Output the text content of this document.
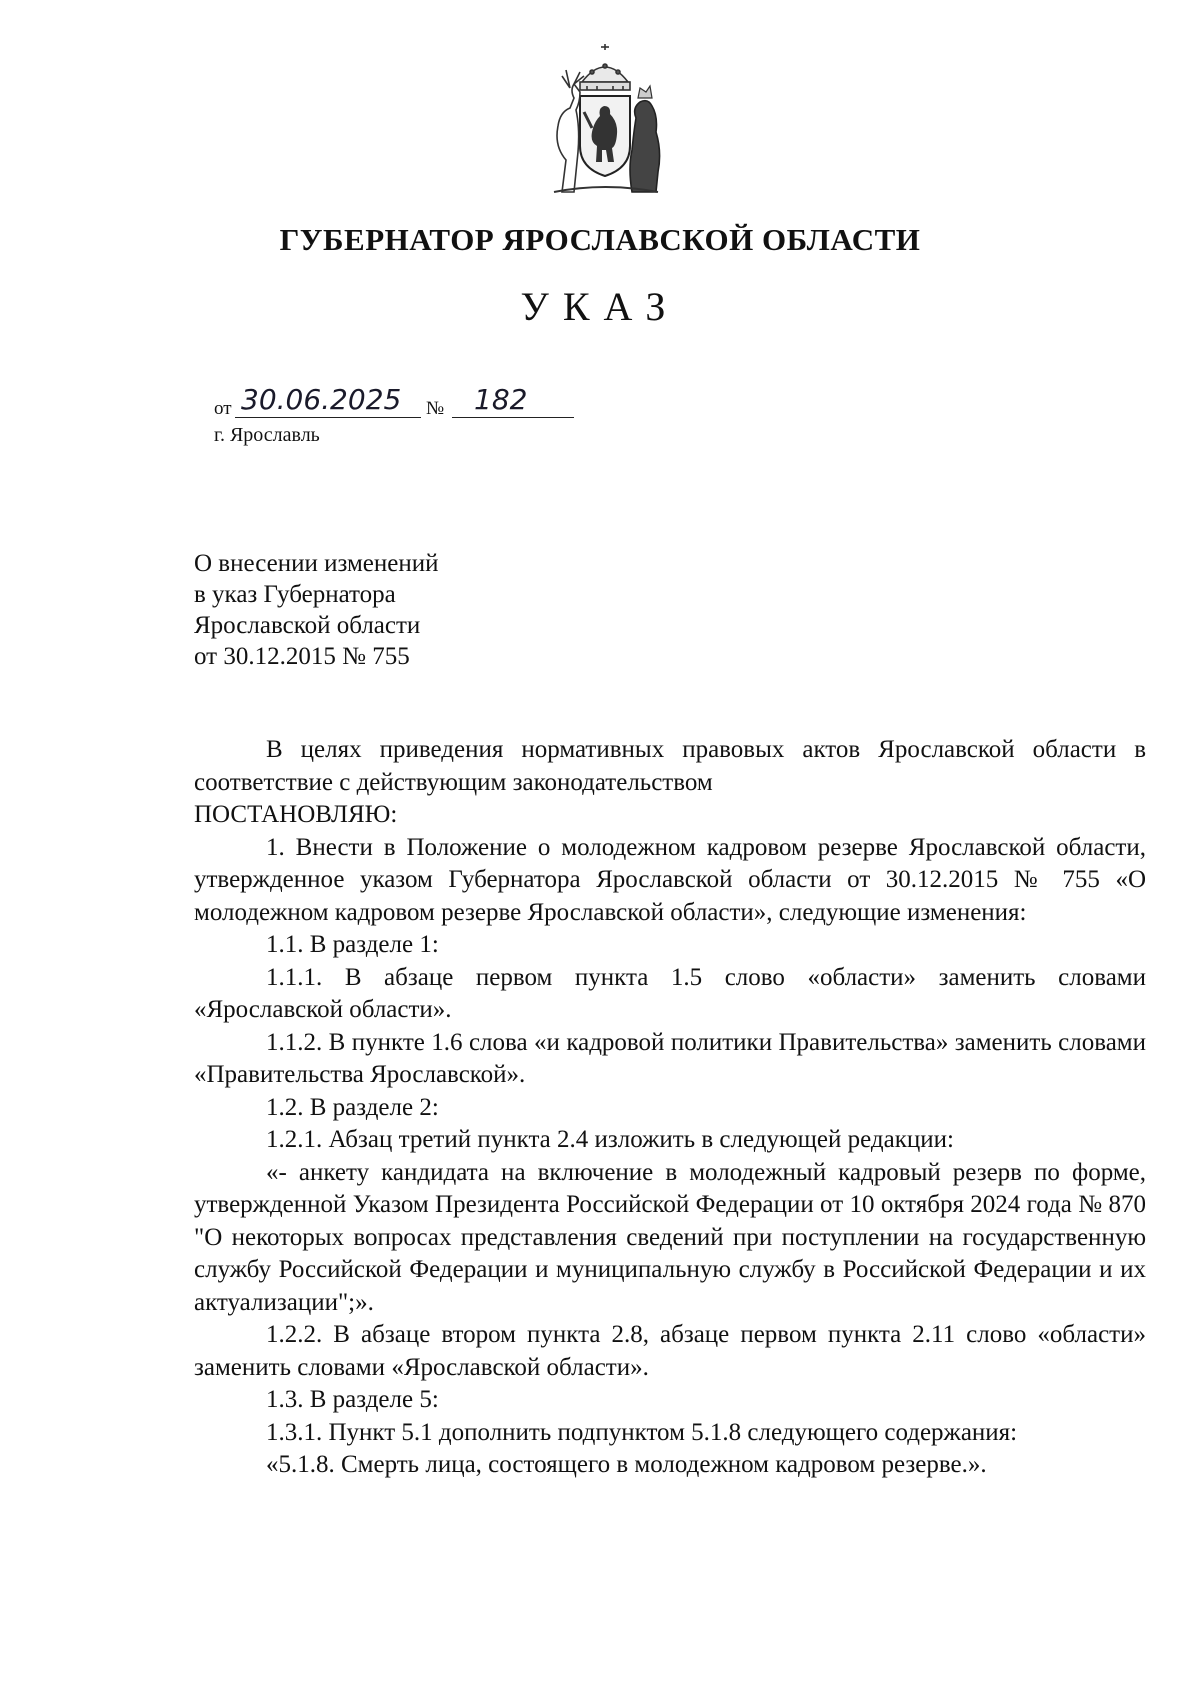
ГУБЕРНАТОР ЯРОСЛАВСКОЙ ОБЛАСТИ
УКАЗ
от 30.06.2025	№	182
г. Ярославль
О внесении изменений
в указ Губернатора
Ярославской области
от 30.12.2015 № 755

В целях приведения нормативных правовых актов Ярославской области в соответствие с действующим законодательством

ПОСТАНОВЛЯЮ:

1. Внести в Положение о молодежном кадровом резерве Ярославской области, утвержденное указом Губернатора Ярославской области от 30.12.2015 № 755 «О молодежном кадровом резерве Ярославской области», следующие изменения:

1.1. В разделе 1:

1.1.1. В абзаце первом пункта 1.5 слово «области» заменить словами «Ярославской области».

1.1.2. В пункте 1.6 слова «и кадровой политики Правительства» заменить словами «Правительства Ярославской».

1.2. В разделе 2:

1.2.1. Абзац третий пункта 2.4 изложить в следующей редакции:

«- анкету кандидата на включение в молодежный кадровый резерв по форме, утвержденной Указом Президента Российской Федерации от 10 октября 2024 года № 870 "О некоторых вопросах представления сведений при поступлении на государственную службу Российской Федерации и муниципальную службу в Российской Федерации и их актуализации";».

1.2.2. В абзаце втором пункта 2.8, абзаце первом пункта 2.11 слово «области» заменить словами «Ярославской области».

1.3. В разделе 5:

1.3.1. Пункт 5.1 дополнить подпунктом 5.1.8 следующего содержания:

«5.1.8. Смерть лица, состоящего в молодежном кадровом резерве.».
